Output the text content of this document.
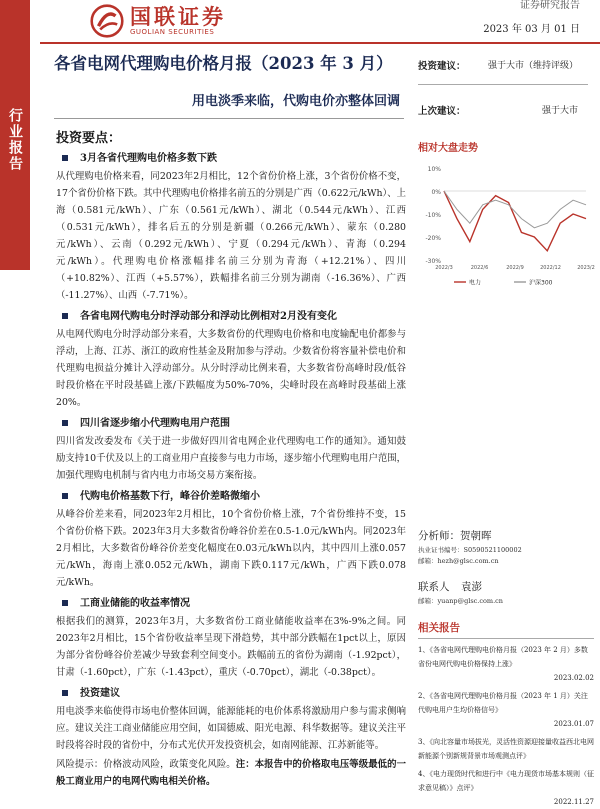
行业报告
国联证券
GUOLIAN SECURITIES
证券研究报告
2023 年 03 月 01 日
各省电网代理购电价格月报（2023 年 3 月）
用电淡季来临，代购电价亦整体回调
投资要点：
3月各省代理购电价格多数下跌
从代理购电价格来看，同2023年2月相比，12个省份价格上涨，3个省份价格不变，17个省份价格下跌。其中代理购电价格排名前五的分别是广西（0.622元/kWh）、上海（0.581元/kWh）、广东（0.561元/kWh）、湖北（0.544元/kWh）、江西（0.531元/kWh），排名后五的分别是新疆（0.266元/kWh）、蒙东（0.280元/kWh）、云南（0.292元/kWh）、宁夏（0.294元/kWh）、青海（0.294元/kWh）。代理购电价格涨幅排名前三分别为青海（+12.21%）、四川（+10.82%）、江西（+5.57%），跌幅排名前三分别为湖南（-16.36%）、广西（-11.27%）、山西（-7.71%）。
各省电网代购电分时浮动部分和浮动比例相对2月没有变化
从电网代购电分时浮动部分来看，大多数省份的代理购电价格和电度输配电价都参与浮动，上海、江苏、浙江的政府性基金及附加参与浮动。少数省份将容量补偿电价和代理购电损益分摊计入浮动部分。从分时浮动比例来看，大多数省份高峰时段/低谷时段价格在平时段基础上涨/下跌幅度为50%-70%，尖峰时段在高峰时段基础上涨20%。
四川省逐步缩小代理购电用户范围
四川省发改委发布《关于进一步做好四川省电网企业代理购电工作的通知》。通知鼓励支持10千伏及以上的工商业用户直接参与电力市场，逐步缩小代理购电用户范围，加强代理购电机制与省内电力市场交易方案衔接。
代购电价格基数下行，峰谷价差略微缩小
从峰谷价差来看，同2023年2月相比，10个省份价格上涨，7个省份维持不变，15个省份价格下跌。2023年3月大多数省份峰谷价差在0.5-1.0元/kWh内。同2023年2月相比，大多数省份峰谷价差变化幅度在0.03元/kWh以内，其中四川上涨0.057元/kWh，海南上涨0.052元/kWh，湖南下跌0.117元/kWh，广西下跌0.078元/kWh。
工商业储能的收益率情况
根据我们的测算，2023年3月，大多数省份工商业储能收益率在3%-9%之间。同2023年2月相比，15个省份收益率呈现下滑趋势，其中部分跌幅在1pct以上，原因为部分省份峰谷价差减少导致套利空间变小。跌幅前五的省份为湖南（-1.92pct），甘肃（-1.60pct），广东（-1.43pct），重庆（-0.70pct），湖北（-0.38pct）。
投资建议
用电淡季来临使得市场电价整体回调，能源能耗的电价体系将激励用户参与需求侧响应。建议关注工商业储能应用空间，如国德威、阳光电源、科华数据等。建议关注平时段将谷时段的省份中，分布式光伏开发投资机会，如南网能源、江苏新能等。
风险提示：价格波动风险，政策变化风险。注：本报告中的价格取电压等级最低的一般工商业用户的电网代购电相关价格。
投资建议： 强于大市（维持评级）
上次建议：	强于大市
相对大盘走势
10%
0%
-10%
-20%
-30%
2022/3	2022/6	2022/9	2022/12	2023/2
电力	沪深300
分析师：贺朝晖
执业证书编号：S0590521100002
邮箱：hezh@glsc.com.cn
联系人 袁澎
邮箱：yuanp@glsc.com.cn
相关报告
1、《各省电网代理购电价格月报（2023 年 2 月）多数省份电网代购电价格保持上涨》
2023.02.02
2、《各省电网代理购电价格月报（2023 年 1 月）关注代购电用户生均价格信号》
2023.01.07
3、《向北容量市场拔光，灵活性资源迎接量收益西北电网新能源个别新规背景市场观测点评》
4、《电力现货时代和进行中《电力现货市场基本规则（征求意见稿）》点评》
2022.11.27
